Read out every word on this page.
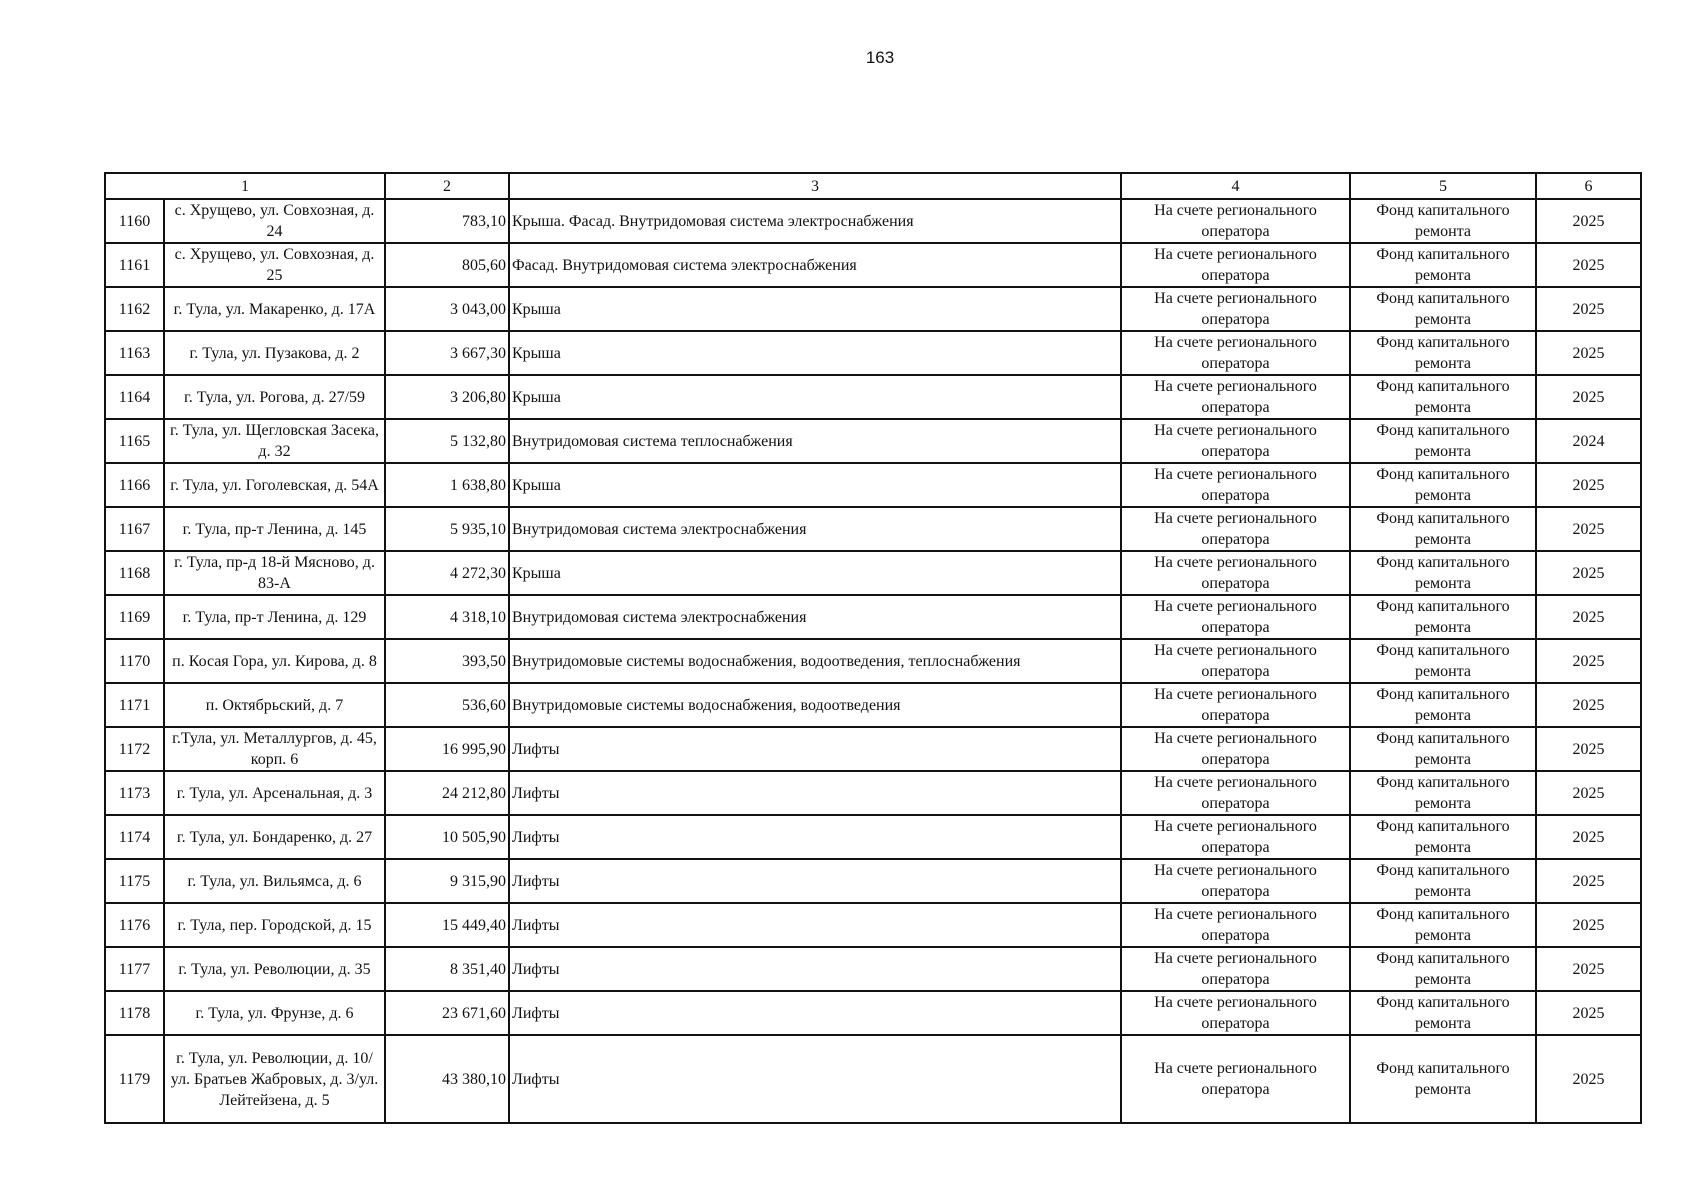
163
1		2	3	4	5	6
1160	с. Хрущево, ул. Совхозная, д. 24	783,10	Крыша. Фасад. Внутридомовая система электроснабжения	На счете регионального оператора	Фонд капитального ремонта	2025
1161	с. Хрущево, ул. Совхозная, д. 25	805,60	Фасад. Внутридомовая система электроснабжения	На счете регионального оператора	Фонд капитального ремонта	2025
1162	г. Тула, ул. Макаренко, д. 17А	3 043,00	Крыша	На счете регионального оператора	Фонд капитального ремонта	2025
1163	г. Тула, ул. Пузакова, д. 2	3 667,30	Крыша	На счете регионального оператора	Фонд капитального ремонта	2025
1164	г. Тула, ул. Рогова, д. 27/59	3 206,80	Крыша	На счете регионального оператора	Фонд капитального ремонта	2025
1165	г. Тула, ул. Щегловская Засека, д. 32	5 132,80	Внутридомовая система теплоснабжения	На счете регионального оператора	Фонд капитального ремонта	2024
1166	г. Тула, ул. Гоголевская, д. 54А	1 638,80	Крыша	На счете регионального оператора	Фонд капитального ремонта	2025
1167	г. Тула, пр-т Ленина, д. 145	5 935,10	Внутридомовая система электроснабжения	На счете регионального оператора	Фонд капитального ремонта	2025
1168	г. Тула, пр-д 18-й Мясново, д. 83-А	4 272,30	Крыша	На счете регионального оператора	Фонд капитального ремонта	2025
1169	г. Тула, пр-т Ленина, д. 129	4 318,10	Внутридомовая система электроснабжения	На счете регионального оператора	Фонд капитального ремонта	2025
1170	п. Косая Гора, ул. Кирова, д. 8	393,50	Внутридомовые системы водоснабжения, водоотведения, теплоснабжения	На счете регионального оператора	Фонд капитального ремонта	2025
1171	п. Октябрьский, д. 7	536,60	Внутридомовые системы водоснабжения, водоотведения	На счете регионального оператора	Фонд капитального ремонта	2025
1172	г.Тула, ул. Металлургов, д. 45, корп. 6	16 995,90	Лифты	На счете регионального оператора	Фонд капитального ремонта	2025
1173	г. Тула, ул. Арсенальная, д. 3	24 212,80	Лифты	На счете регионального оператора	Фонд капитального ремонта	2025
1174	г. Тула, ул. Бондаренко, д. 27	10 505,90	Лифты	На счете регионального оператора	Фонд капитального ремонта	2025
1175	г. Тула, ул. Вильямса, д. 6	9 315,90	Лифты	На счете регионального оператора	Фонд капитального ремонта	2025
1176	г. Тула, пер. Городской, д. 15	15 449,40	Лифты	На счете регионального оператора	Фонд капитального ремонта	2025
1177	г. Тула, ул. Революции, д. 35	8 351,40	Лифты	На счете регионального оператора	Фонд капитального ремонта	2025
1178	г. Тула, ул. Фрунзе, д. 6	23 671,60	Лифты	На счете регионального оператора	Фонд капитального ремонта	2025
1179	г. Тула, ул. Революции, д. 10/ул. Братьев Жабровых, д. 3/ул. Лейтейзена, д. 5	43 380,10	Лифты	На счете регионального оператора	Фонд капитального ремонта	2025
